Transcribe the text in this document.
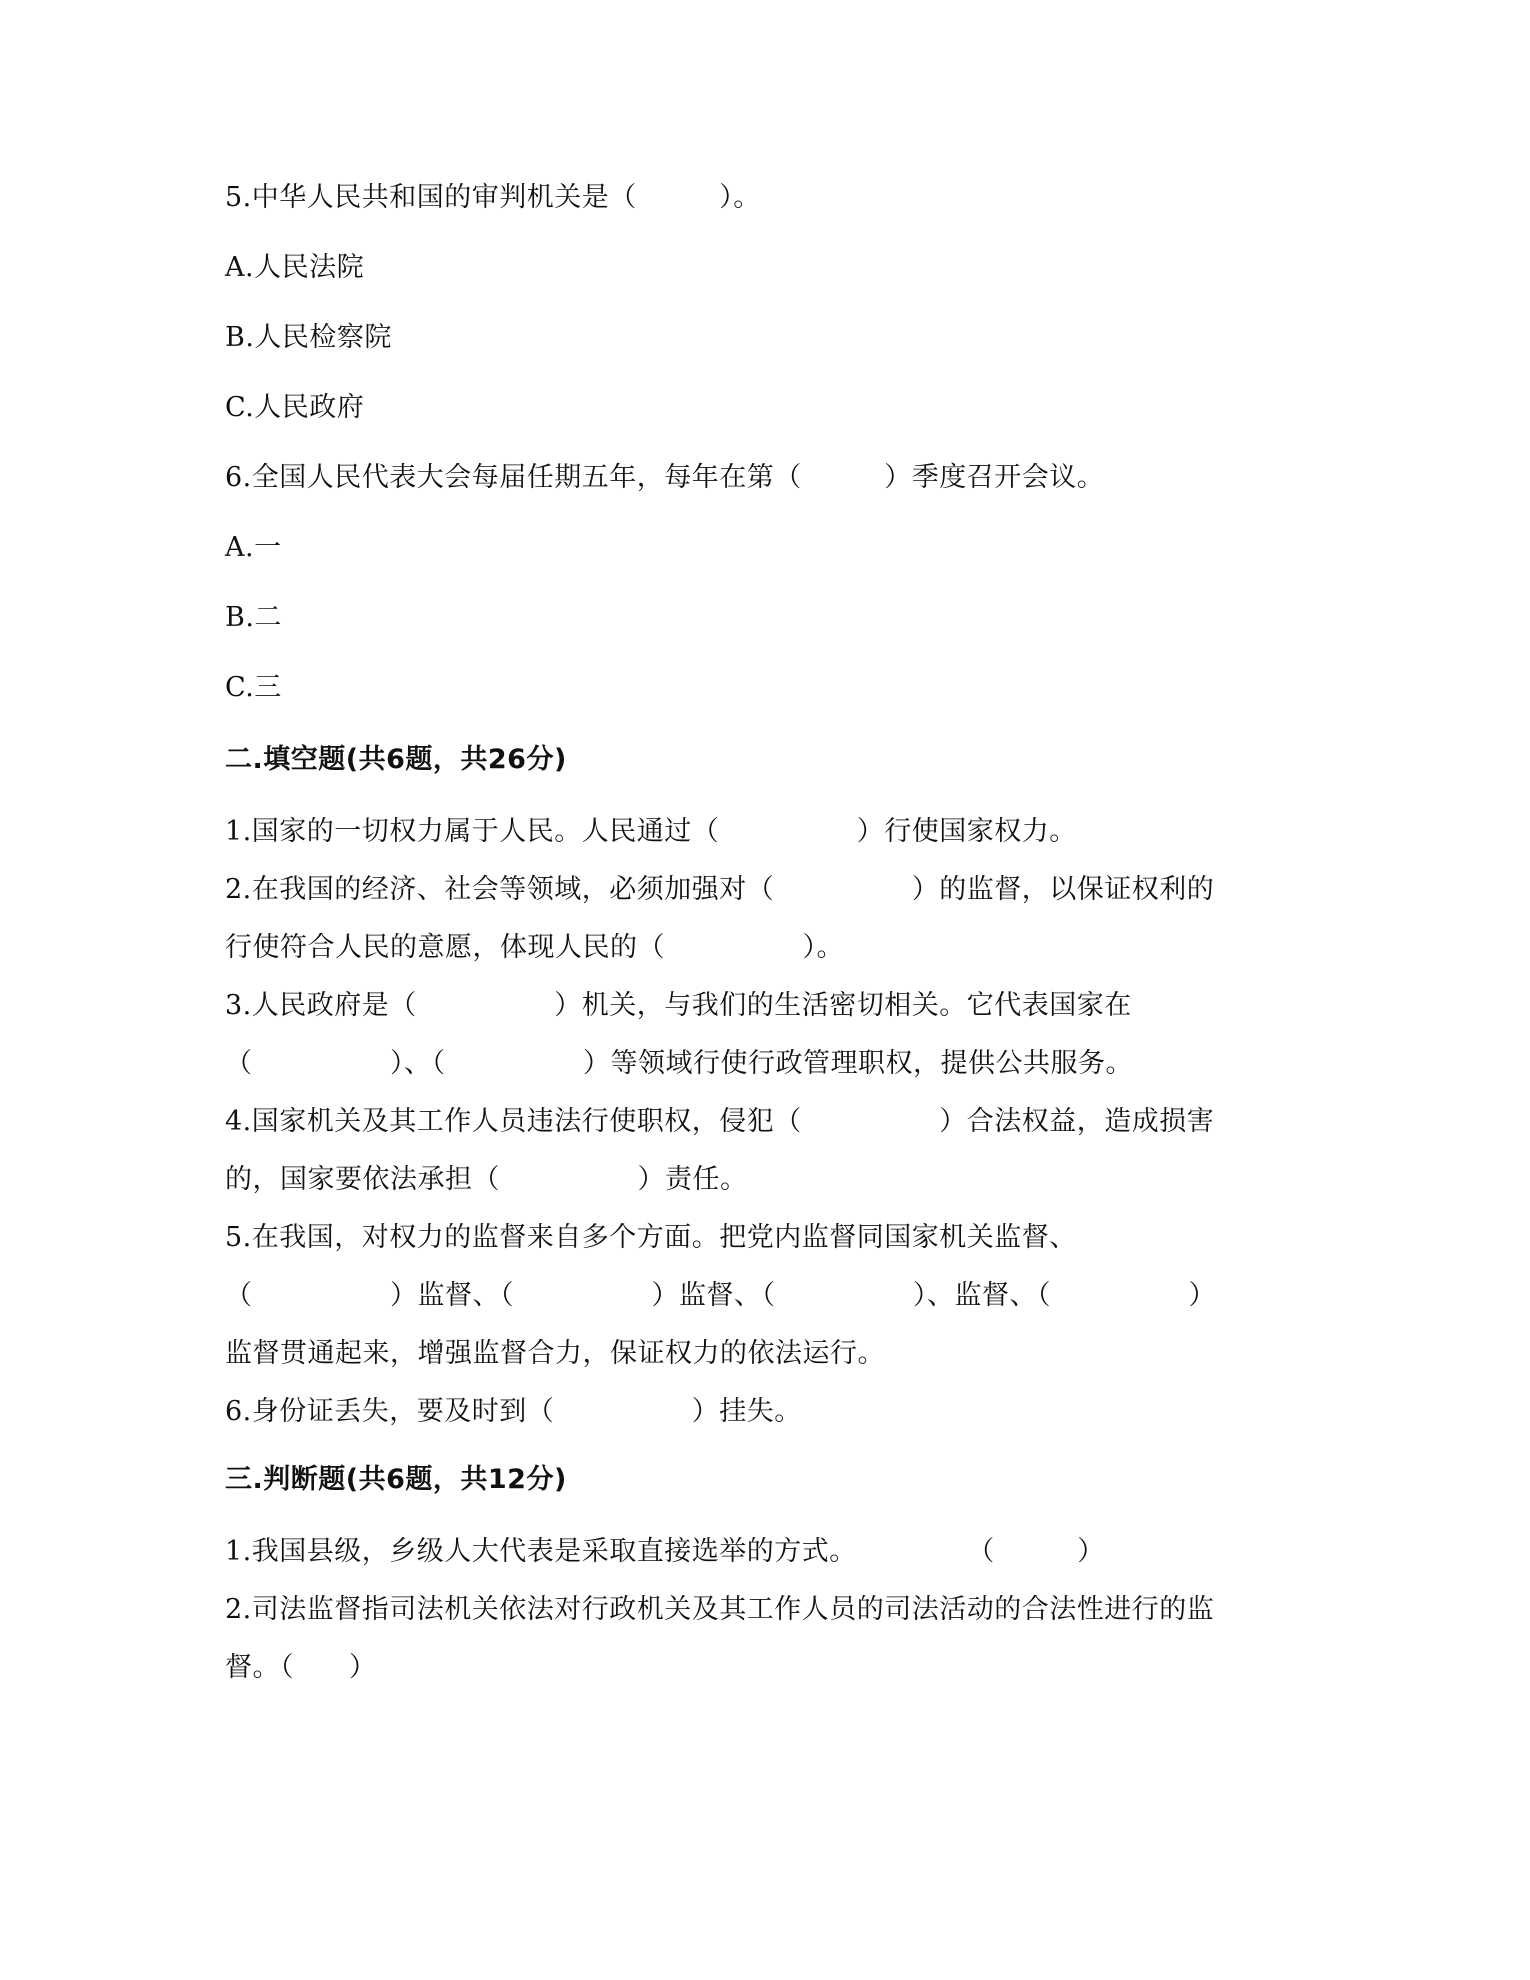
5.中华人民共和国的审判机关是（　　　）。
A.人民法院
B.人民检察院
C.人民政府
6.全国人民代表大会每届任期五年，每年在第（　　　）季度召开会议。
A.一
B.二
C.三
二.填空题(共6题，共26分)
1.国家的一切权力属于人民。人民通过（　　　　　）行使国家权力。
2.在我国的经济、社会等领域，必须加强对（　　　　　）的监督，以保证权利的
行使符合人民的意愿，体现人民的（　　　　　）。
3.人民政府是（　　　　　）机关，与我们的生活密切相关。它代表国家在
（　　　　　）、（　　　　　）等领域行使行政管理职权，提供公共服务。
4.国家机关及其工作人员违法行使职权，侵犯（　　　　　）合法权益，造成损害
的，国家要依法承担（　　　　　）责任。
5.在我国，对权力的监督来自多个方面。把党内监督同国家机关监督、
（　　　　　）监督、（　　　　　）监督、（　　　　　）、监督、（　　　　　）
监督贯通起来，增强监督合力，保证权力的依法运行。
6.身份证丢失，要及时到（　　　　　）挂失。
三.判断题(共6题，共12分)
1.我国县级，乡级人大代表是采取直接选举的方式。　　　　　（　　　）
2.司法监督指司法机关依法对行政机关及其工作人员的司法活动的合法性进行的监
督。（　　）
